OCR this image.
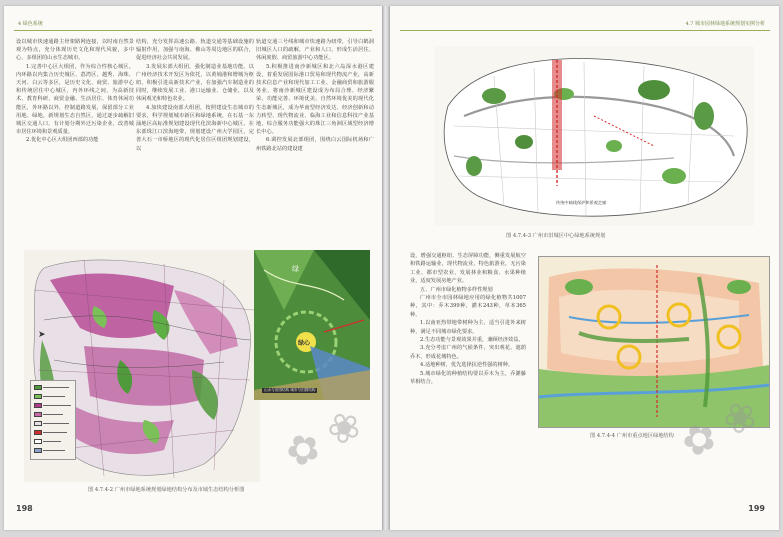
4 绿色系统

设以城市快速通路主骨架路网连接，以时南自然景观为特点，充分体现历史文化和现代风貌，多中心、多组团的山水生态城市。

1.完善中心区大组团，作为综合性核心城区。内环路以内集合历史城区、荔湾区、越秀、海珠、天河、白云等多区，是历史文化、商贸、旅游中心和传统居住中心城区，内外环线之间，为高新技术、教育科研、商贸金融、生活居住、体育休闲功能区，外环路以外，控制道路发展，保留部分工业用地、绿地，新规划生态自然区，通过逐步疏解旧城区交通人口，有计划分期外迁污染企业，改善城市居住环境和景观质量。

2.优化中心区大组团西部的功能

结构，充分发挥高速公路、轨道交通等基础设施的辐射作用，加强与南海、佛山等周边地区的联合，促进经济社会共同发展。

3.发展东部大组团，强化制造业基地功能。以广州经济技术开发区为依托，以黄埔港和增城为枢纽，积极引进高新技术产业，在加强汽车制造业的同时，继续发展工业、港口运输业、仓储业，以及休闲观光和特色农业。

4.加快建设南部大组团，按照建设生态城市的要求，科学规划城市新区和绿地系统，在石基一东涌地区高标准规划建设现代化滨海新中心城区。在东部珠江口滨海地带，规划建设广州大学园区，完善大石一市桥地区的现代化居住区组团规划建设，以

轨道交通三号线和城市快速路为纽带，引导白鹤洞旧城区人口的疏解，产业和人口，形成生活居住、休闲度假、商贸旅游中心功能区。

5.积极推进南沙新城区和北六岛深水港区建设，着重发展国际港口贸易和现代物流产业，高新技术信息产业和现代加工工业、金融商贸和旅游服务业，将南沙新城区建设成为布局合理、经济繁荣、功能完善、环境优美、自然环境优美的现代化生态新城区，成为华南型经济发达、经济创新和动力转型、现代物流业、临海工业和信息科技产业基地，综合服务功能强大的珠江三角洲区域型经济增长中心。

6.调控发展北部组团，围绕白云国际机场和广州铁路北站的建设建

➤
绿
绿心
山水与田园结构 城市与田园结构
图 4.7.4-2 广州市绿地系统规划绿地结构分布及市域生态结构分析图
198
✿ ❀
4.7 城市园林绿地系统规划实例分析
传统中轴线保护和景观走廊
图 4.7.4-3 广州市旧城区中心绿地系统规划

设，增强交通枢纽、生态屏障功能，侧重发展航空和铁路运输业，现代物流业，特色旅游业，无污染工业，都市型农业，发展林业和粮食、水果种植业，适度发展房地产业。

五、广州市绿化植物多样性规划

广州市全市园林绿地应用的绿化植物共1007种，其中：乔木399种，灌木243种，草本365种。

1.以南亚热带地带树种为主，适当引进外来树种，满足不同城市绿化要求。

2.生态功能与景观效果并重，兼顾经济效益。

3.充分考虑广州的气候条件，突出观花、遮荫乔木，形成花城特色。

4.适地种树，优先选择抗逆性强的树种。

5.城市绿化的种植结构要以乔木为主，乔灌藤草相结合。

图 4.7.4-4 广州市重点地区绿地结构
199
✿ ❀
